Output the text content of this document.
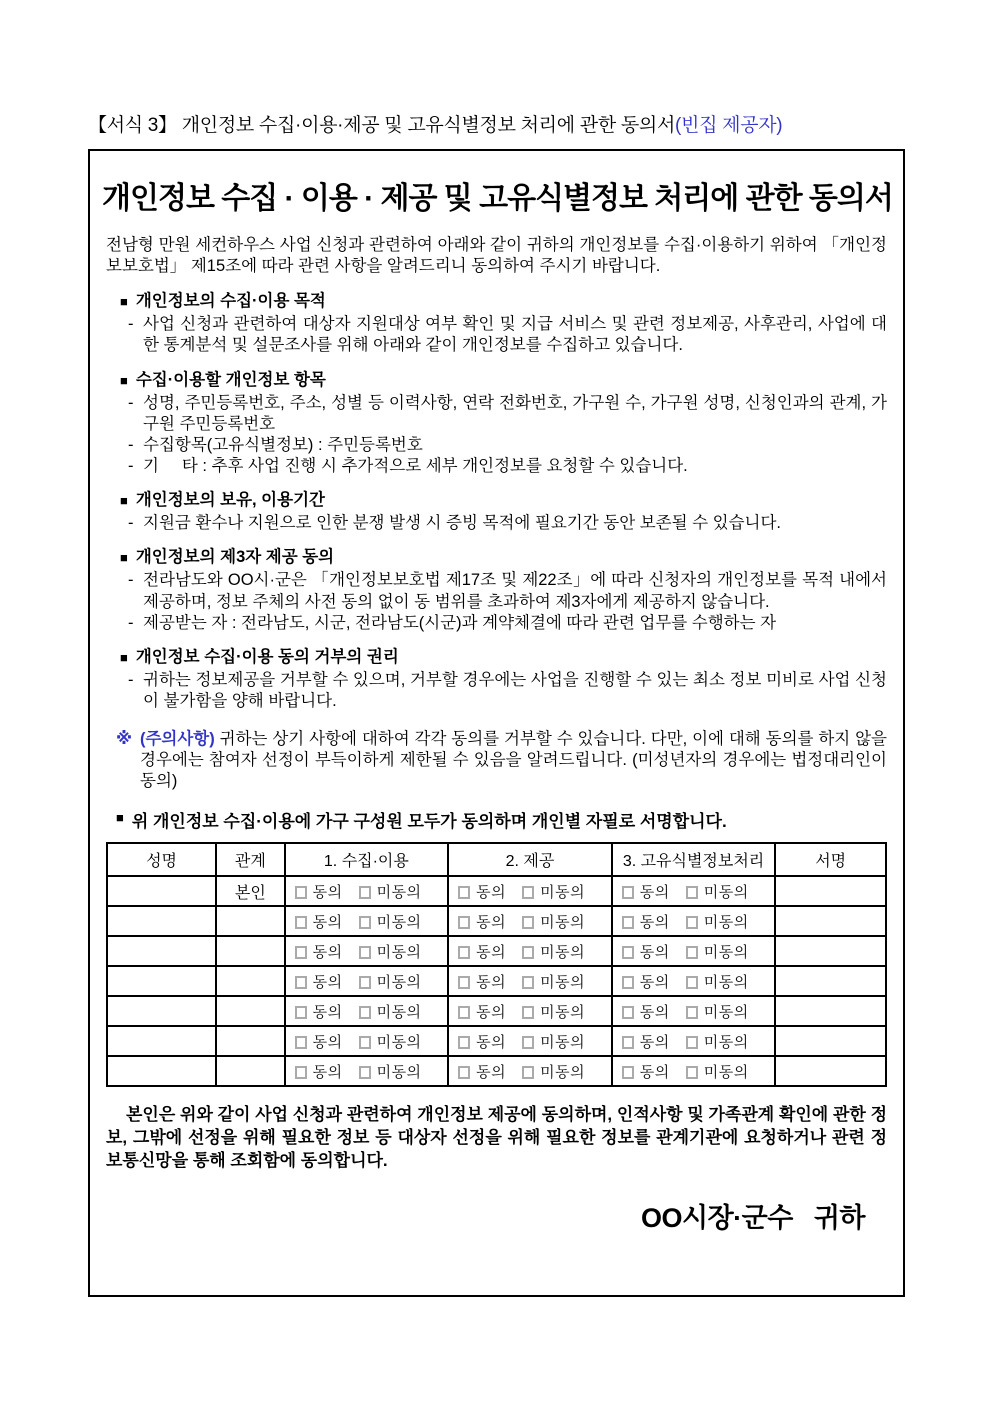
【서식 3】 개인정보 수집·이용·제공 및 고유식별정보 처리에 관한 동의서(빈집 제공자)
개인정보 수집 · 이용 · 제공 및 고유식별정보 처리에 관한 동의서

전남형 만원 세컨하우스 사업 신청과 관련하여 아래와 같이 귀하의 개인정보를 수집·이용하기 위하여 「개인정보보호법」 제15조에 따라 관련 사항을 알려드리니 동의하여 주시기 바랍니다.

■ 개인정보의 수집·이용 목적
- 사업 신청과 관련하여 대상자 지원대상 여부 확인 및 지급 서비스 및 관련 정보제공, 사후관리, 사업에 대한 통계분석 및 설문조사를 위해 아래와 같이 개인정보를 수집하고 있습니다.
■ 수집·이용할 개인정보 항목
- 성명, 주민등록번호, 주소, 성별 등 이력사항, 연락 전화번호, 가구원 수, 가구원 성명, 신청인과의 관계, 가구원 주민등록번호
- 수집항목(고유식별정보) : 주민등록번호
- 기     타 : 추후 사업 진행 시 추가적으로 세부 개인정보를 요청할 수 있습니다.
■ 개인정보의 보유, 이용기간
- 지원금 환수나 지원으로 인한 분쟁 발생 시 증빙 목적에 필요기간 동안 보존될 수 있습니다.
■ 개인정보의 제3자 제공 동의
- 전라남도와 OO시·군은 「개인정보보호법 제17조 및 제22조」에 따라 신청자의 개인정보를 목적 내에서 제공하며, 정보 주체의 사전 동의 없이 동 범위를 초과하여 제3자에게 제공하지 않습니다.
- 제공받는 자 : 전라남도, 시군, 전라남도(시군)과 계약체결에 따라 관련 업무를 수행하는 자
■ 개인정보 수집·이용 동의 거부의 권리
- 귀하는 정보제공을 거부할 수 있으며, 거부할 경우에는 사업을 진행할 수 있는 최소 정보 미비로 사업 신청이 불가함을 양해 바랍니다.
※ (주의사항) 귀하는 상기 사항에 대하여 각각 동의를 거부할 수 있습니다. 다만, 이에 대해 동의를 하지 않을 경우에는 참여자 선정이 부득이하게 제한될 수 있음을 알려드립니다. (미성년자의 경우에는 법정대리인이 동의)
■ 위 개인정보 수집·이용에 가구 구성원 모두가 동의하며 개인별 자필로 서명합니다.
성명	관계	1. 수집·이용	2. 제공	3. 고유식별정보처리	서명
	본인	동의 미동의	동의 미동의	동의 미동의	
		동의 미동의	동의 미동의	동의 미동의	
		동의 미동의	동의 미동의	동의 미동의	
		동의 미동의	동의 미동의	동의 미동의	
		동의 미동의	동의 미동의	동의 미동의	
		동의 미동의	동의 미동의	동의 미동의	
		동의 미동의	동의 미동의	동의 미동의	

본인은 위와 같이 사업 신청과 관련하여 개인정보 제공에 동의하며, 인적사항 및 가족관계 확인에 관한 정보, 그밖에 선정을 위해 필요한 정보 등 대상자 선정을 위해 필요한 정보를 관계기관에 요청하거나 관련 정보통신망을 통해 조회함에 동의합니다.

OO시장·군수   귀하
